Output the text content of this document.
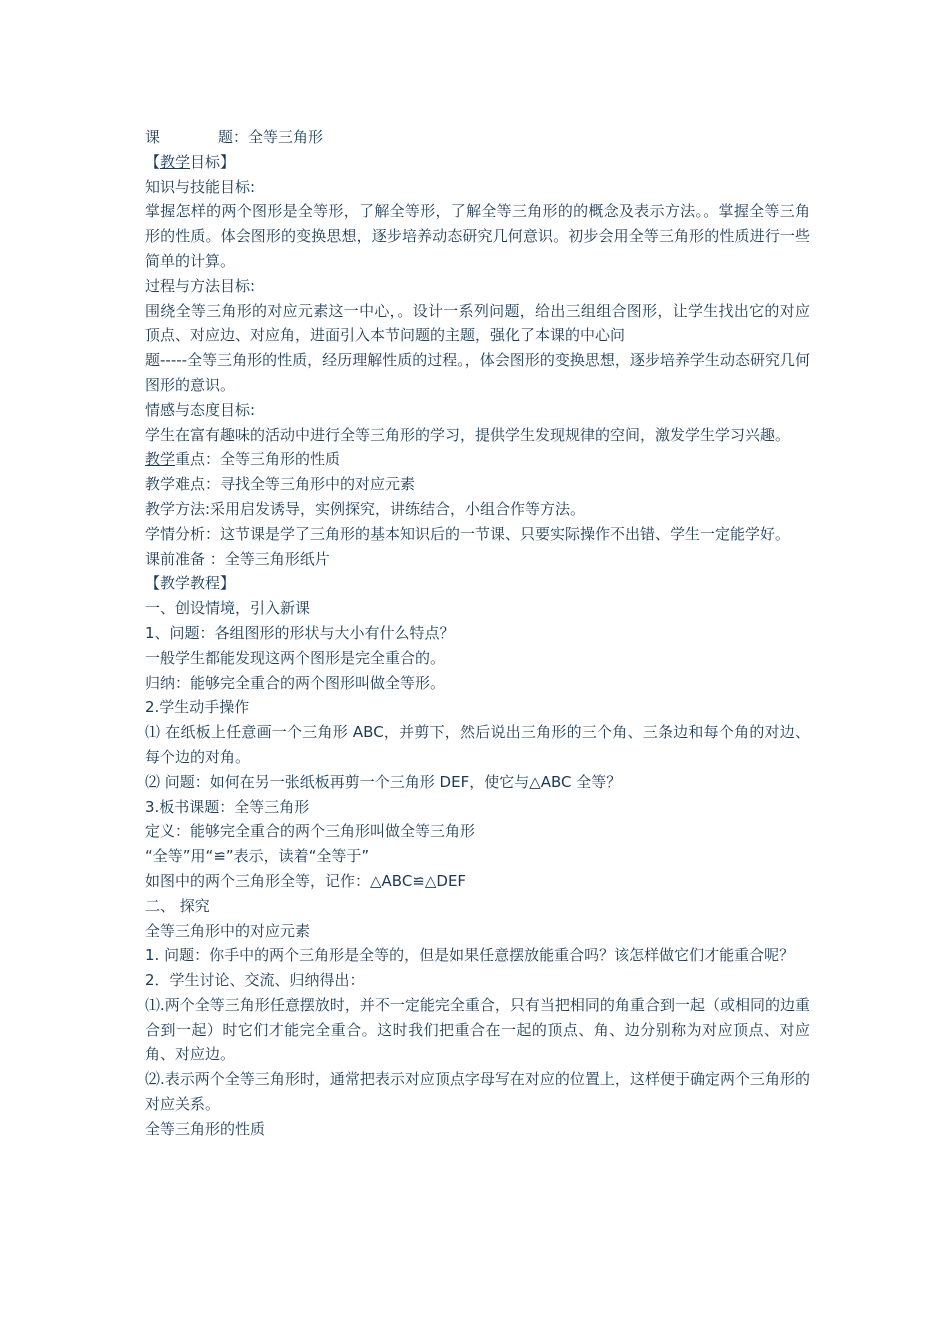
课	题：全等三角形

【教学目标】

知识与技能目标:

掌握怎样的两个图形是全等形，了解全等形，了解全等三角形的的概念及表示方法。。掌握全等三角形的性质。体会图形的变换思想，逐步培养动态研究几何意识。初步会用全等三角形的性质进行一些简单的计算。

过程与方法目标:

围绕全等三角形的对应元素这一中心，。设计一系列问题，给出三组组合图形，让学生找出它的对应顶点、对应边、对应角，进面引入本节问题的主题，强化了本课的中心问

题-----全等三角形的性质，经历理解性质的过程。，体会图形的变换思想，逐步培养学生动态研究几何图形的意识。

情感与态度目标:

学生在富有趣味的活动中进行全等三角形的学习，提供学生发现规律的空间，激发学生学习兴趣。

教学重点：全等三角形的性质

教学难点：寻找全等三角形中的对应元素

教学方法:采用启发诱导，实例探究，讲练结合，小组合作等方法。

学情分析：这节课是学了三角形的基本知识后的一节课、只要实际操作不出错、学生一定能学好。

课前准备 ：全等三角形纸片

【教学教程】

一、创设情境，引入新课

1、问题：各组图形的形状与大小有什么特点？

一般学生都能发现这两个图形是完全重合的。

归纳：能够完全重合的两个图形叫做全等形。

2.学生动手操作

⑴ 在纸板上任意画一个三角形 ABC，并剪下，然后说出三角形的三个角、三条边和每个角的对边、每个边的对角。

⑵ 问题：如何在另一张纸板再剪一个三角形 DEF，使它与△ABC 全等？

3.板书课题：全等三角形

定义：能够完全重合的两个三角形叫做全等三角形

“全等”用“≌”表示，读着“全等于”

如图中的两个三角形全等，记作：△ABC≌△DEF

二、 探究

全等三角形中的对应元素

1. 问题：你手中的两个三角形是全等的，但是如果任意摆放能重合吗？该怎样做它们才能重合呢？

2．学生讨论、交流、归纳得出：

⑴.两个全等三角形任意摆放时，并不一定能完全重合，只有当把相同的角重合到一起（或相同的边重合到一起）时它们才能完全重合。这时我们把重合在一起的顶点、角、边分别称为对应顶点、对应角、对应边。

⑵.表示两个全等三角形时，通常把表示对应顶点字母写在对应的位置上，这样便于确定两个三角形的对应关系。

全等三角形的性质
